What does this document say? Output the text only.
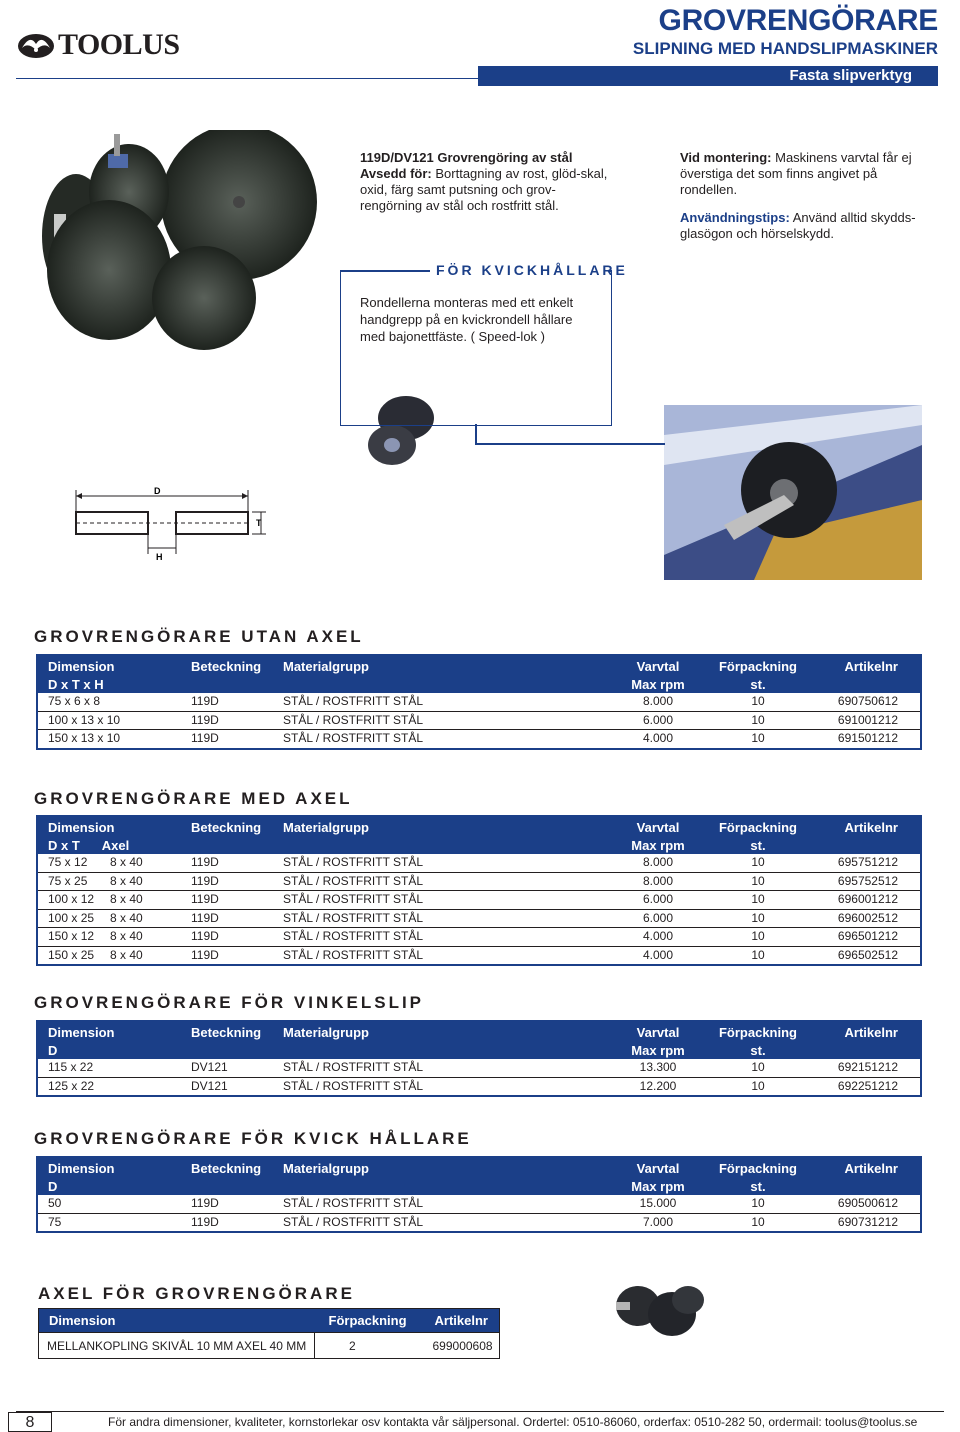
TOOLUS
GROVRENGÖRARE
SLIPNING MED HANDSLIPMASKINER
Fasta slipverktyg
119D/DV121 Grovrengöring av stål
Avsedd för: Borttagning av rost, glöd-skal, oxid, färg samt putsning och grov-rengörning av stål och rostfritt stål.

Vid montering: Maskinens varvtal får ej överstiga det som finns angivet på rondellen.

Användningstips: Använd alltid skydds-glasögon och hörselskydd.

FÖR KVICKHÅLLARE
Rondellerna monteras med ett enkelt handgrepp på en kvickrondell hållare med bajonettfäste. ( Speed-lok )
D
T
H
GROVRENGÖRARE UTAN AXEL
Dimension	Beteckning	Materialgrupp	Varvtal	Förpackning	Artikelnr
D x T x H			Max rpm	st.	
75 x 6 x 8	119D	STÅL / ROSTFRITT STÅL	8.000	10	690750612
100 x 13 x 10	119D	STÅL / ROSTFRITT STÅL	6.000	10	691001212
150 x 13 x 10	119D	STÅL / ROSTFRITT STÅL	4.000	10	691501212
GROVRENGÖRARE MED AXEL
Dimension	Beteckning	Materialgrupp	Varvtal	Förpackning	Artikelnr
D x T Axel			Max rpm	st.	
75 x 12 8 x 40	119D	STÅL / ROSTFRITT STÅL	8.000	10	695751212
75 x 25 8 x 40	119D	STÅL / ROSTFRITT STÅL	8.000	10	695752512
100 x 12 8 x 40	119D	STÅL / ROSTFRITT STÅL	6.000	10	696001212
100 x 25 8 x 40	119D	STÅL / ROSTFRITT STÅL	6.000	10	696002512
150 x 12 8 x 40	119D	STÅL / ROSTFRITT STÅL	4.000	10	696501212
150 x 25 8 x 40	119D	STÅL / ROSTFRITT STÅL	4.000	10	696502512
GROVRENGÖRARE FÖR VINKELSLIP
Dimension	Beteckning	Materialgrupp	Varvtal	Förpackning	Artikelnr
D			Max rpm	st.	
115 x 22	DV121	STÅL / ROSTFRITT STÅL	13.300	10	692151212
125 x 22	DV121	STÅL / ROSTFRITT STÅL	12.200	10	692251212
GROVRENGÖRARE FÖR KVICK HÅLLARE
Dimension	Beteckning	Materialgrupp	Varvtal	Förpackning	Artikelnr
D			Max rpm	st.	
50	119D	STÅL / ROSTFRITT STÅL	15.000	10	690500612
75	119D	STÅL / ROSTFRITT STÅL	7.000	10	690731212
AXEL FÖR GROVRENGÖRARE
Dimension	Förpackning	Artikelnr
MELLANKOPLING SKIVÅL 10 MM AXEL 40 MM	2	699000608
8	För andra dimensioner, kvaliteter, kornstorlekar osv kontakta vår säljpersonal. Ordertel: 0510-86060, orderfax: 0510-282 50, ordermail: toolus@toolus.se
